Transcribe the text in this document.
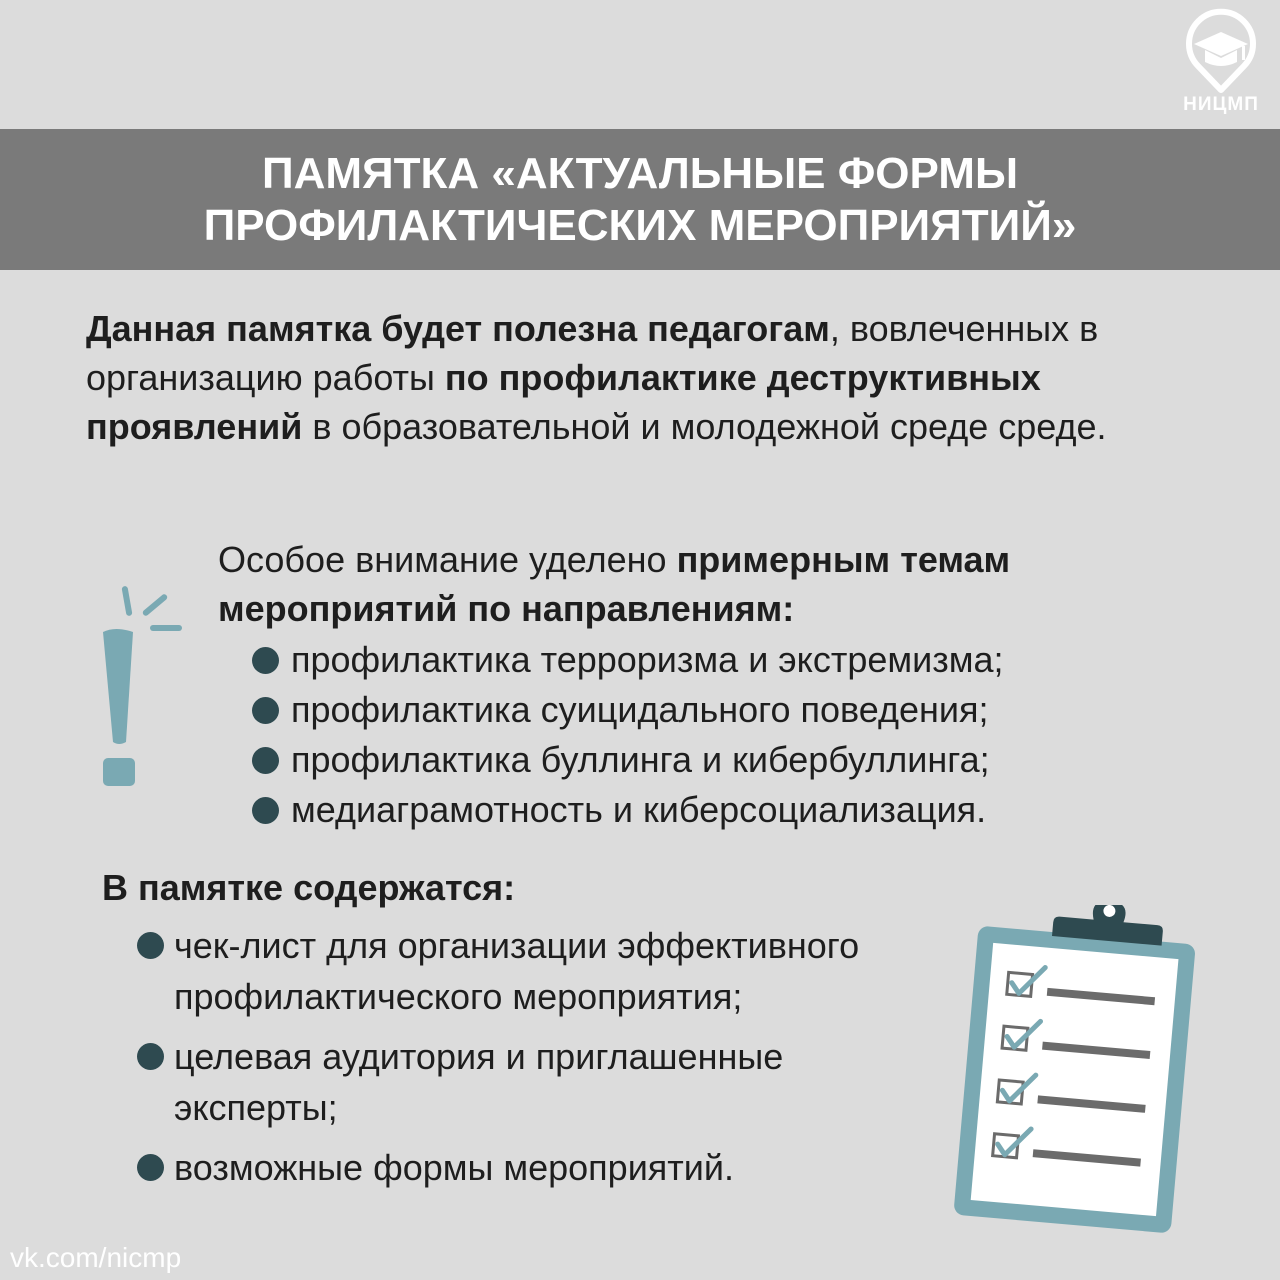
НИЦМП
ПАМЯТКА «АКТУАЛЬНЫЕ ФОРМЫ
ПРОФИЛАКТИЧЕСКИХ МЕРОПРИЯТИЙ»
Данная памятка будет полезна педагогам, вовлеченных в организацию работы по профилактике деструктивных проявлений в образовательной и молодежной среде среде.
Особое внимание уделено примерным темам мероприятий по направлениям:
профилактика терроризма и экстремизма;
профилактика суицидального поведения;
профилактика буллинга и кибербуллинга;
медиаграмотность и киберсоциализация.
В памятке содержатся:
чек-лист для организации эффективного профилактического мероприятия;
целевая аудитория и приглашенные эксперты;
возможные формы мероприятий.
vk.com/nicmp
